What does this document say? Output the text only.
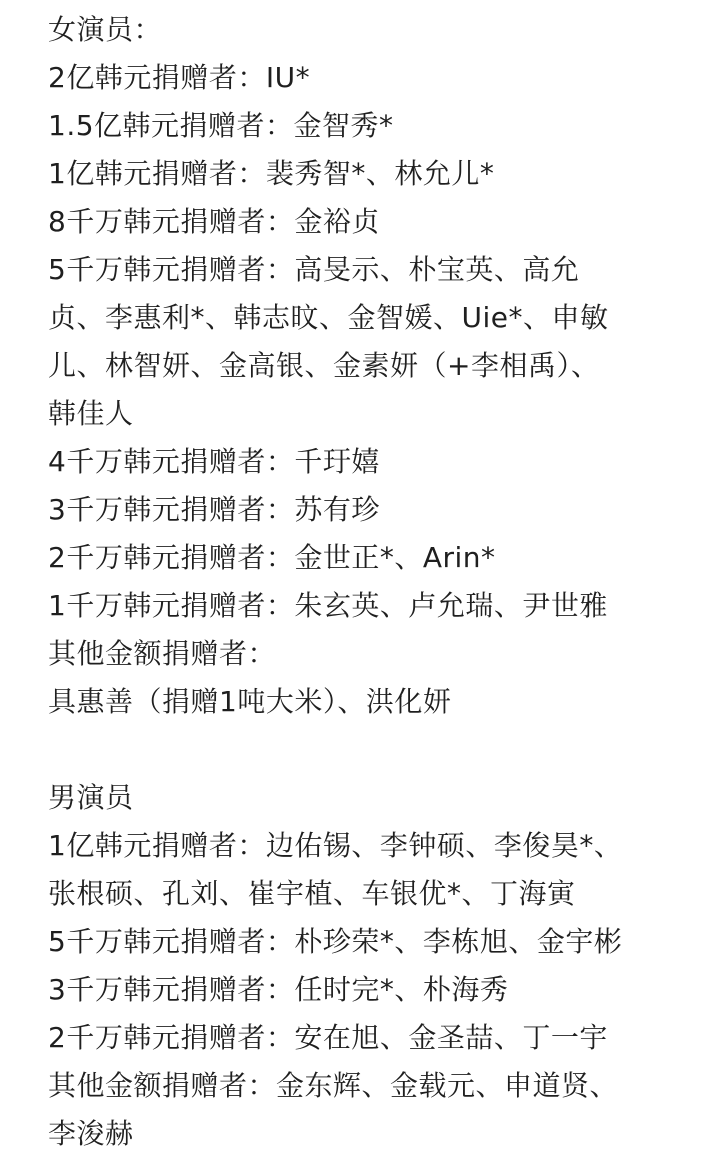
女演员：
2亿韩元捐赠者：IU*
1.5亿韩元捐赠者：金智秀*
1亿韩元捐赠者：裴秀智*、林允儿*
8千万韩元捐赠者：金裕贞
5千万韩元捐赠者：高旻示、朴宝英、高允
贞、李惠利*、韩志旼、金智媛、Uie*、申敏
儿、林智妍、金高银、金素妍（+李相禹）、
韩佳人
4千万韩元捐赠者：千玗嬉
3千万韩元捐赠者：苏有珍
2千万韩元捐赠者：金世正*、Arin*
1千万韩元捐赠者：朱玄英、卢允瑞、尹世雅
其他金额捐赠者：
具惠善（捐赠1吨大米）、洪化妍
男演员
1亿韩元捐赠者：边佑锡、李钟硕、李俊昊*、
张根硕、孔刘、崔宇植、车银优*、丁海寅
5千万韩元捐赠者：朴珍荣*、李栋旭、金宇彬
3千万韩元捐赠者：任时完*、朴海秀
2千万韩元捐赠者：安在旭、金圣喆、丁一宇
其他金额捐赠者：金东辉、金载元、申道贤、
李浚赫
